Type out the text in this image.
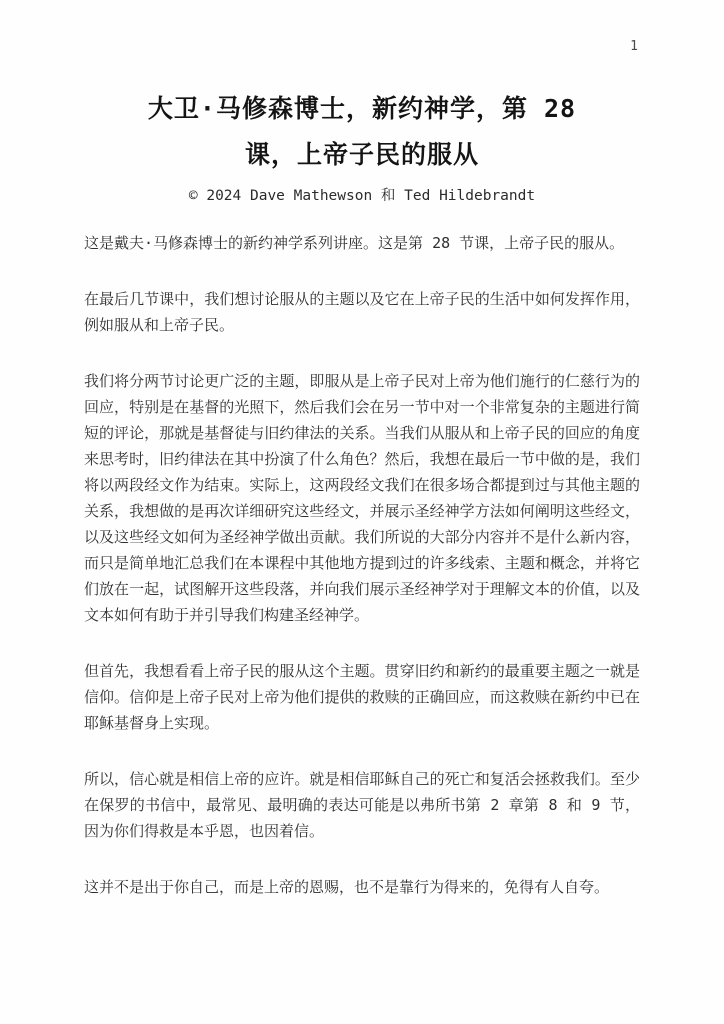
1
大卫·马修森博士，新约神学，第 28
课，上帝子民的服从
© 2024 Dave Mathewson 和 Ted Hildebrandt

这是戴夫·马修森博士的新约神学系列讲座。这是第 28 节课，上帝子民的服从。

在最后几节课中，我们想讨论服从的主题以及它在上帝子民的生活中如何发挥作用，例如服从和上帝子民。

我们将分两节讨论更广泛的主题，即服从是上帝子民对上帝为他们施行的仁慈行为的回应，特别是在基督的光照下，然后我们会在另一节中对一个非常复杂的主题进行简短的评论，那就是基督徒与旧约律法的关系。当我们从服从和上帝子民的回应的角度来思考时，旧约律法在其中扮演了什么角色？然后，我想在最后一节中做的是，我们将以两段经文作为结束。实际上，这两段经文我们在很多场合都提到过与其他主题的关系，我想做的是再次详细研究这些经文，并展示圣经神学方法如何阐明这些经文，以及这些经文如何为圣经神学做出贡献。我们所说的大部分内容并不是什么新内容，而只是简单地汇总我们在本课程中其他地方提到过的许多线索、主题和概念，并将它们放在一起，试图解开这些段落，并向我们展示圣经神学对于理解文本的价值，以及文本如何有助于并引导我们构建圣经神学。

但首先，我想看看上帝子民的服从这个主题。贯穿旧约和新约的最重要主题之一就是信仰。信仰是上帝子民对上帝为他们提供的救赎的正确回应，而这救赎在新约中已在耶稣基督身上实现。

所以，信心就是相信上帝的应许。就是相信耶稣自己的死亡和复活会拯救我们。至少在保罗的书信中，最常见、最明确的表达可能是以弗所书第 2 章第 8 和 9 节，因为你们得救是本乎恩，也因着信。

这并不是出于你自己，而是上帝的恩赐，也不是靠行为得来的，免得有人自夸。
